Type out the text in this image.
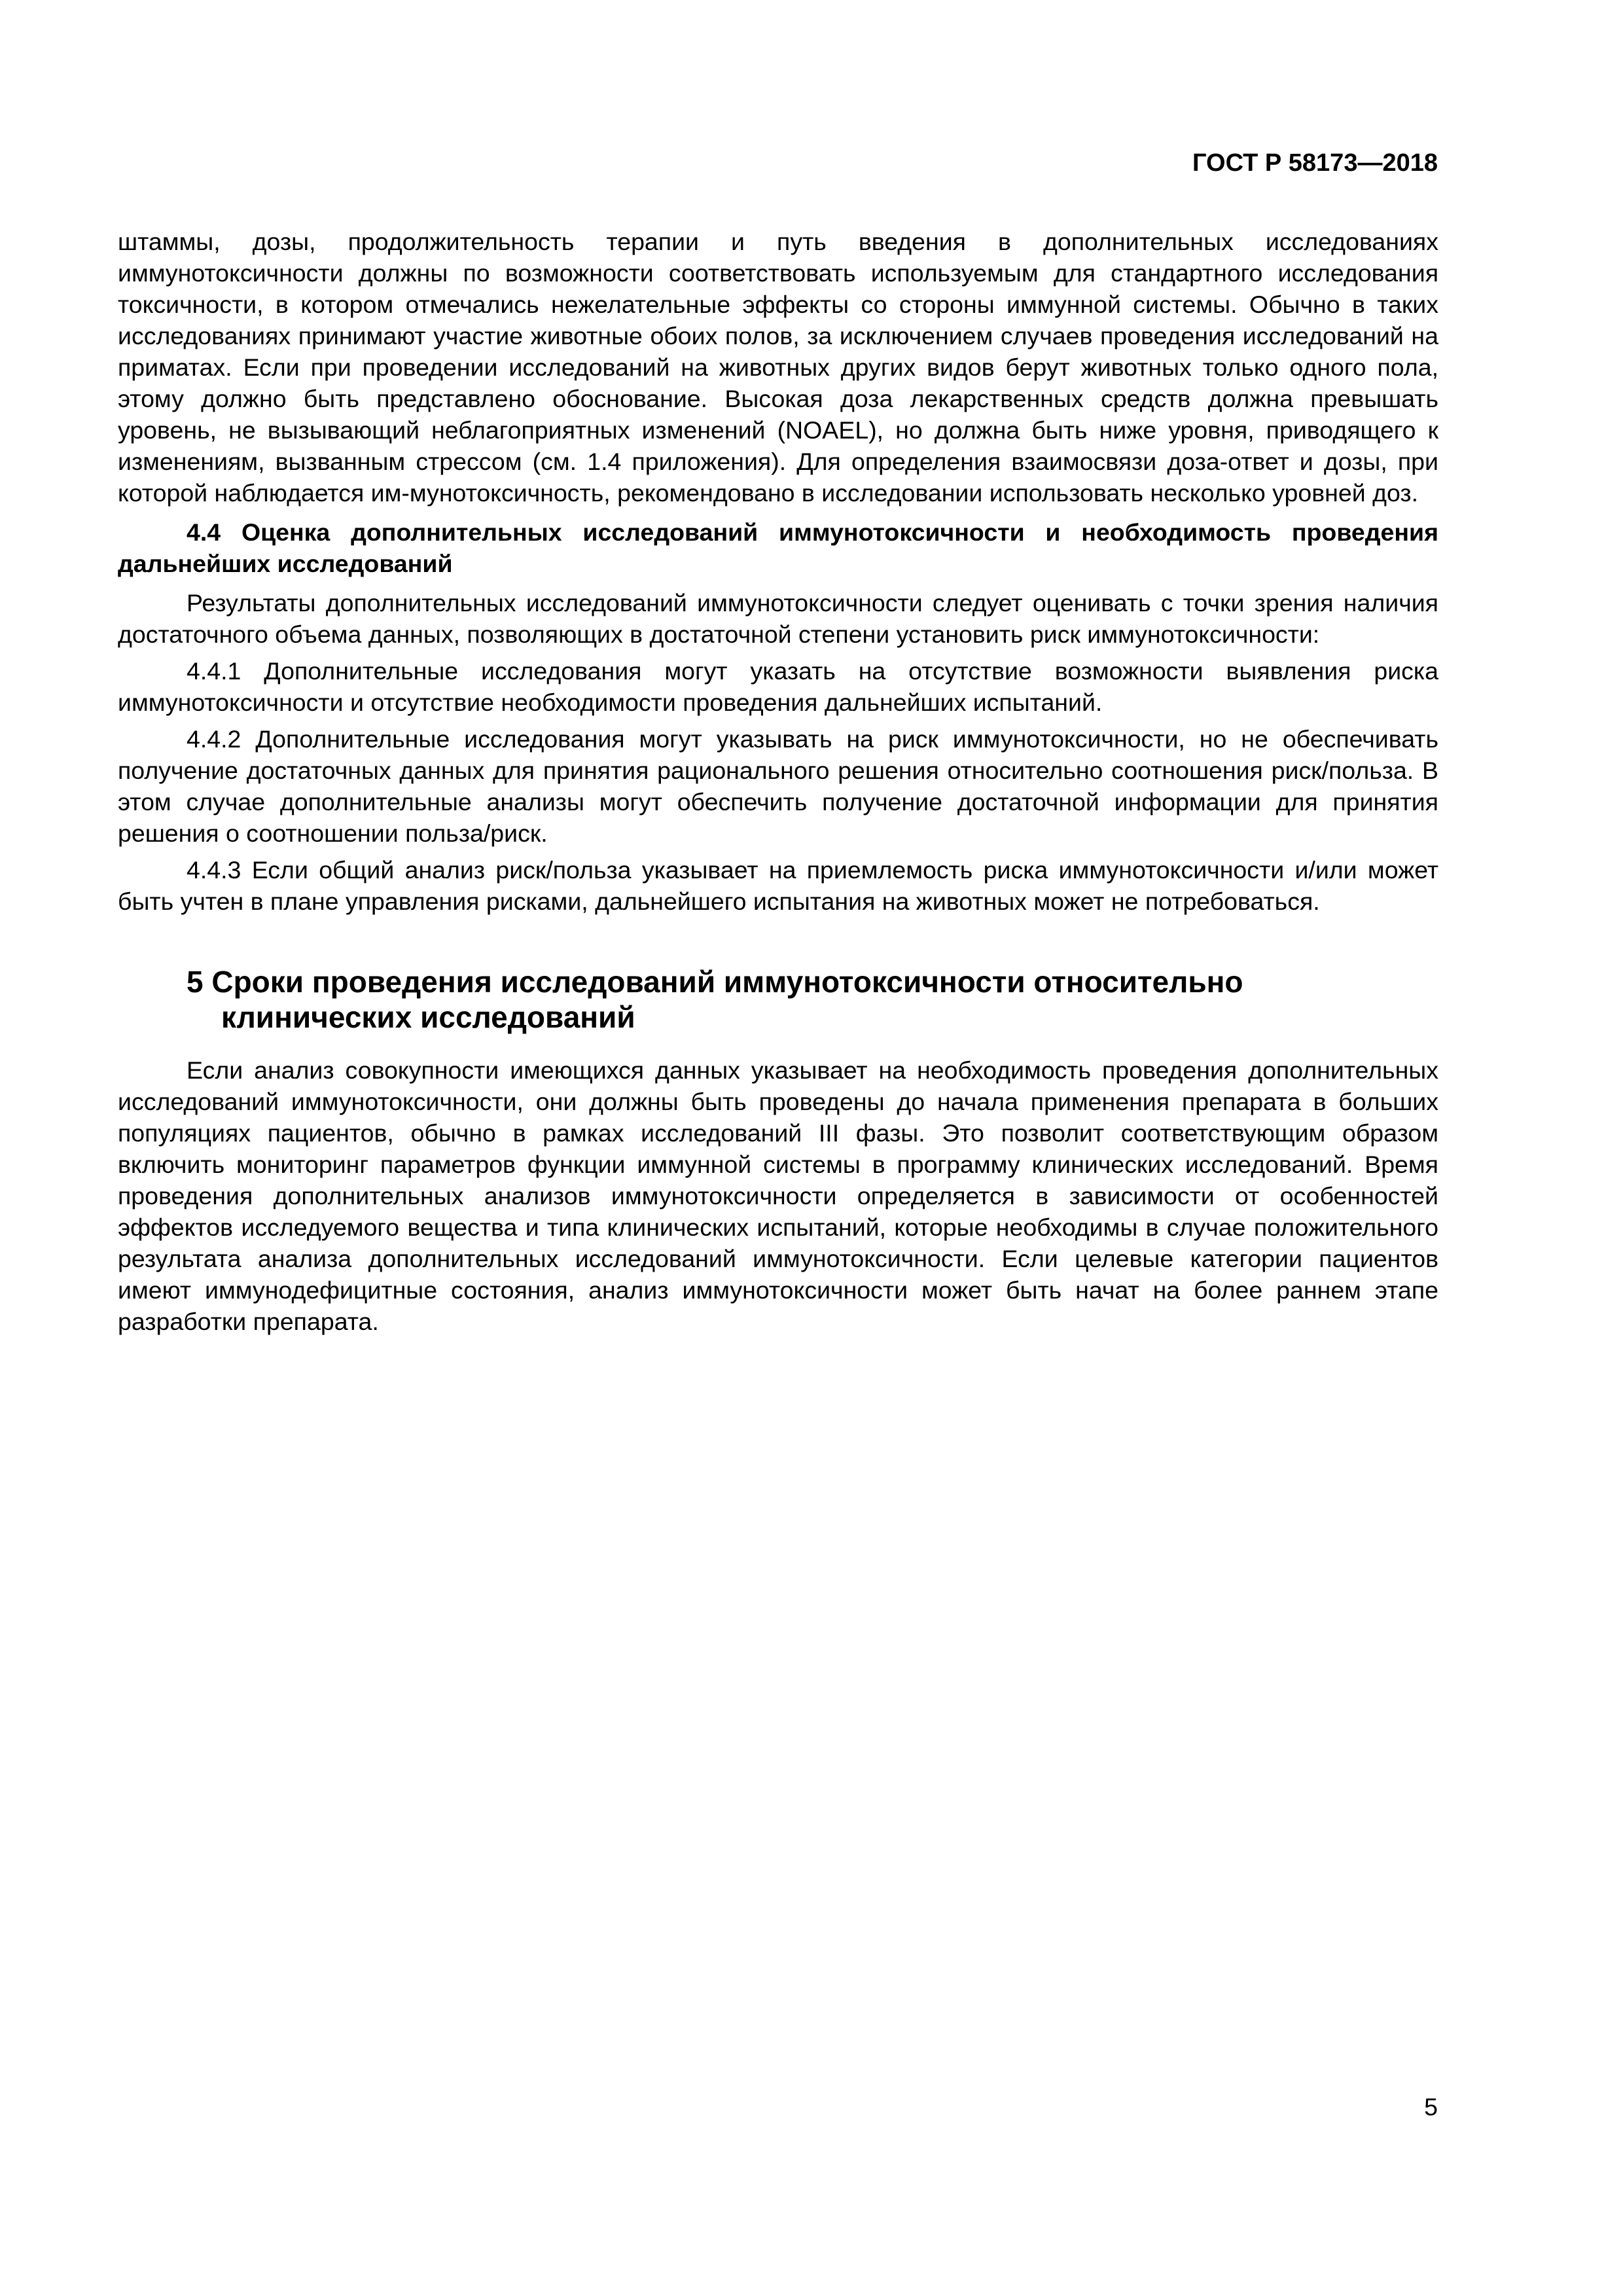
ГОСТ Р 58173—2018

штаммы, дозы, продолжительность терапии и путь введения в дополнительных исследованиях иммунотоксичности должны по возможности соответствовать используемым для стандартного исследования токсичности, в котором отмечались нежелательные эффекты со стороны иммунной системы. Обычно в таких исследованиях принимают участие животные обоих полов, за исключением случаев проведения исследований на приматах. Если при проведении исследований на животных других видов берут животных только одного пола, этому должно быть представлено обоснование. Высокая доза лекарственных средств должна превышать уровень, не вызывающий неблагоприятных изменений (NOAEL), но должна быть ниже уровня, приводящего к изменениям, вызванным стрессом (см. 1.4 приложения). Для определения взаимосвязи доза-ответ и дозы, при которой наблюдается им-мунотоксичность, рекомендовано в исследовании использовать несколько уровней доз.

4.4 Оценка дополнительных исследований иммунотоксичности и необходимость проведения дальнейших исследований

Результаты дополнительных исследований иммунотоксичности следует оценивать с точки зрения наличия достаточного объема данных, позволяющих в достаточной степени установить риск иммунотоксичности:

4.4.1 Дополнительные исследования могут указать на отсутствие возможности выявления риска иммунотоксичности и отсутствие необходимости проведения дальнейших испытаний.

4.4.2 Дополнительные исследования могут указывать на риск иммунотоксичности, но не обеспечивать получение достаточных данных для принятия рационального решения относительно соотношения риск/польза. В этом случае дополнительные анализы могут обеспечить получение достаточной информации для принятия решения о соотношении польза/риск.

4.4.3 Если общий анализ риск/польза указывает на приемлемость риска иммунотоксичности и/или может быть учтен в плане управления рисками, дальнейшего испытания на животных может не потребоваться.

5 Сроки проведения исследований иммунотоксичности относительно
клинических исследований

Если анализ совокупности имеющихся данных указывает на необходимость проведения дополнительных исследований иммунотоксичности, они должны быть проведены до начала применения препарата в больших популяциях пациентов, обычно в рамках исследований III фазы. Это позволит соответствующим образом включить мониторинг параметров функции иммунной системы в программу клинических исследований. Время проведения дополнительных анализов иммунотоксичности определяется в зависимости от особенностей эффектов исследуемого вещества и типа клинических испытаний, которые необходимы в случае положительного результата анализа дополнительных исследований иммунотоксичности. Если целевые категории пациентов имеют иммунодефицитные состояния, анализ иммунотоксичности может быть начат на более раннем этапе разработки препарата.

5
